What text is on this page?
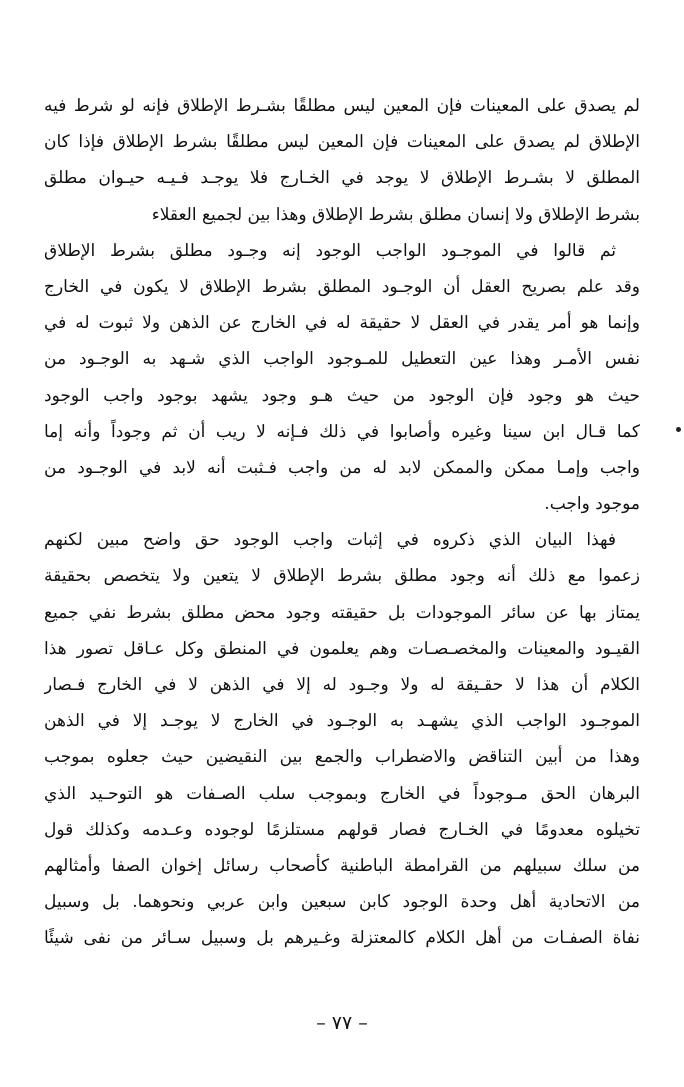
لم يصدق على المعينات فإن المعين ليس مطلقًا بشـرط الإطلاق فإنه لو شرط فيه
الإطلاق لم يصدق على المعينات فإن المعين ليس مطلقًا بشرط الإطلاق فإذا كان
المطلق لا بشـرط الإطلاق لا يوجد في الخـارج فلا يوجـد فـيـه حيـوان مطلق
بشرط الإطلاق ولا إنسان مطلق بشرط الإطلاق وهذا بين لجميع العقلاء
ثم قالوا في الموجـود الواجب الوجود إنه وجـود مطلق بشرط الإطلاق
وقد علم بصريح العقل أن الوجـود المطلق بشرط الإطلاق لا يكون في الخارج
وإنما هو أمر يقدر في العقل لا حقيقة له في الخارج عن الذهن ولا ثبوت له في
نفس الأمـر وهذا عين التعطيل للمـوجود الواجب الذي شـهد به الوجـود من
حيث هو وجود فإن الوجود من حيث هـو وجود يشهد بوجود واجب الوجود
كما قـال ابن سينا وغيره وأصابوا في ذلك فـإنه لا ريب أن ثم وجوداً وأنه إما
واجب وإمـا ممكن والممكن لابد له من واجب فـثبت أنه لابد في الوجـود من
موجود واجب.
فهذا البيان الذي ذكروه في إثبات واجب الوجود حق واضح مبين لكنهم
زعموا مع ذلك أنه وجود مطلق بشرط الإطلاق لا يتعين ولا يتخصص بحقيقة
يمتاز بها عن سائر الموجودات بل حقيقته وجود محض مطلق بشرط نفي جميع
القيـود والمعينات والمخصـصـات وهم يعلمون في المنطق وكل عـاقل تصور هذا
الكلام أن هذا لا حقـيقة له ولا وجـود له إلا في الذهن لا في الخارج فـصار
الموجـود الواجب الذي يشهـد به الوجـود في الخارج لا يوجـد إلا في الذهن
وهذا من أبين التناقض والاضطراب والجمع بين النقيضين حيث جعلوه بموجب
البرهان الحق مـوجوداً في الخارج وبموجب سلب الصـفات هو التوحـيد الذي
تخيلوه معدومًا في الخـارج فصار قولهم مستلزمًا لوجوده وعـدمه وكذلك قول
من سلك سبيلهم من القرامطة الباطنية كأصحاب رسائل إخوان الصفا وأمثالهم
من الاتحادية أهل وحدة الوجود كابن سبعين وابن عربي ونحوهما. بل وسبيل
نفاة الصفـات من أهل الكلام كالمعتزلة وغـيرهم بل وسبيل سـائر من نفى شيئًا
– ٧٧ –
